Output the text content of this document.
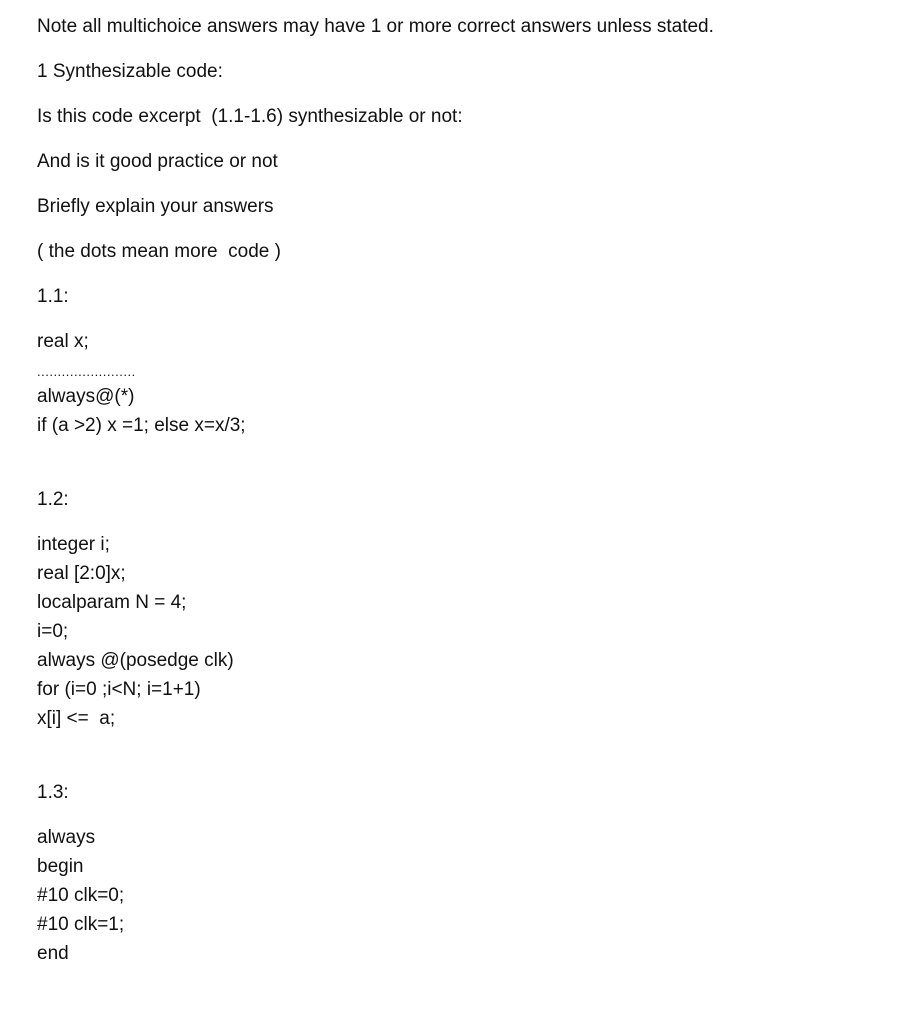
Note all multichoice answers may have 1 or more correct answers unless stated.
1 Synthesizable code:
Is this code excerpt  (1.1-1.6) synthesizable or not:
And is it good practice or not
Briefly explain your answers
( the dots mean more  code )
1.1:
real x;
........................
always@(*)
if (a >2) x =1; else x=x/3;
1.2:
integer i;
real [2:0]x;
localparam N = 4;
i=0;
always @(posedge clk)
for (i=0 ;i<N; i=1+1)
x[i] <=  a;
1.3:
always
begin
#10 clk=0;
#10 clk=1;
end
